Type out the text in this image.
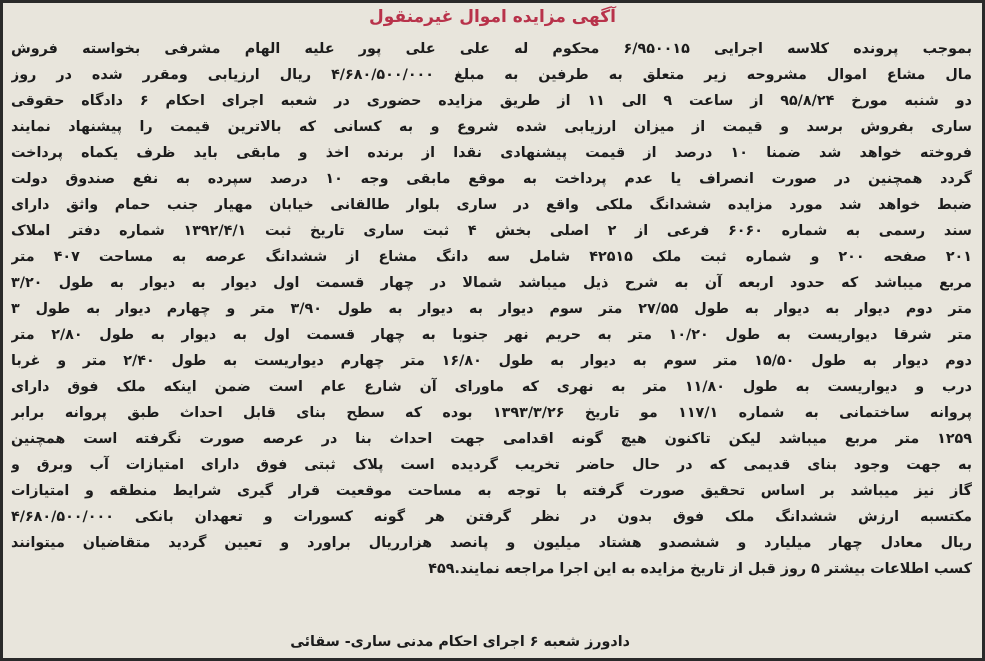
آگهی مزایده اموال غیرمنقول
بموجب پرونده کلاسه اجرایی ۶/۹۵۰۰۱۵ محکوم له علی علی پور علیه الهام مشرفی بخواسته فروش
مال مشاع اموال مشروحه زیر متعلق به طرفین به مبلغ ۴/۶۸۰/۵۰۰/۰۰۰ ریال ارزیابی ومقرر شده در روز
دو شنبه مورخ ۹۵/۸/۲۴ از ساعت ۹ الی ۱۱ از طریق مزایده حضوری در شعبه اجرای احکام ۶ دادگاه حقوقی
ساری بفروش برسد و قیمت از میزان ارزیابی شده شروع و به کسانی که بالاترین قیمت را پیشنهاد نمایند
فروخته خواهد شد ضمنا ۱۰ درصد از قیمت پیشنهادی نقدا از برنده اخذ و مابقی باید ظرف یکماه پرداخت
گردد همچنین در صورت انصراف یا عدم پرداخت به موقع مابقی وجه ۱۰ درصد سپرده به نفع صندوق دولت
ضبط خواهد شد مورد مزایده ششدانگ ملکی واقع در ساری بلوار طالقانی خیابان مهیار جنب حمام واثق دارای
سند رسمی به شماره ۶۰۶۰ فرعی از ۲ اصلی بخش ۴ ثبت ساری تاریخ ثبت ۱۳۹۲/۴/۱ شماره دفتر املاک
۲۰۱ صفحه ۲۰۰ و شماره ثبت ملک ۴۲۵۱۵ شامل سه دانگ مشاع از ششدانگ عرصه به مساحت ۴۰۷ متر
مربع میباشد که حدود اربعه آن به شرح ذیل میباشد شمالا در چهار قسمت اول دیوار به دیوار به طول ۳/۲۰
متر دوم دیوار به دیوار به طول ۲۷/۵۵ متر سوم دیوار به دیوار به طول ۳/۹۰ متر و چهارم دیوار به طول ۳
متر شرقا دیواریست به طول ۱۰/۲۰ متر به حریم نهر جنوبا به چهار قسمت اول به دیوار به طول ۲/۸۰ متر
دوم دیوار به طول ۱۵/۵۰ متر سوم به دیوار به طول ۱۶/۸۰ متر چهارم دیواریست به طول ۲/۴۰ متر و غربا
درب و دیواریست به طول ۱۱/۸۰ متر به نهری که ماورای آن شارع عام است ضمن اینکه ملک فوق دارای
پروانه ساختمانی به شماره ۱۱۷/۱ مو تاریخ ۱۳۹۳/۳/۲۶ بوده که سطح بنای قابل احداث طبق پروانه برابر
۱۲۵۹ متر مربع میباشد لیکن تاکنون هیچ گونه اقدامی جهت احداث بنا در عرصه صورت نگرفته است همچنین
به جهت وجود بنای قدیمی که در حال حاضر تخریب گردیده است پلاک ثبتی فوق دارای امتیازات آب وبرق و
گاز نیز میباشد بر اساس تحقیق صورت گرفته با توجه به مساحت موقعیت قرار گیری شرایط منطقه و امتیازات
مکتسبه ارزش ششدانگ ملک فوق بدون در نظر گرفتن هر گونه کسورات و تعهدان بانکی ۴/۶۸۰/۵۰۰/۰۰۰
ریال معادل چهار میلیارد و ششصدو هشتاد میلیون و پانصد هزارریال براورد و تعیین گردید متقاضیان میتوانند
کسب اطلاعات بیشتر ۵ روز قبل از تاریخ مزایده به این اجرا مراجعه نمایند.۴۵۹
دادورز شعبه ۶ اجرای احکام مدنی ساری- سقائی
